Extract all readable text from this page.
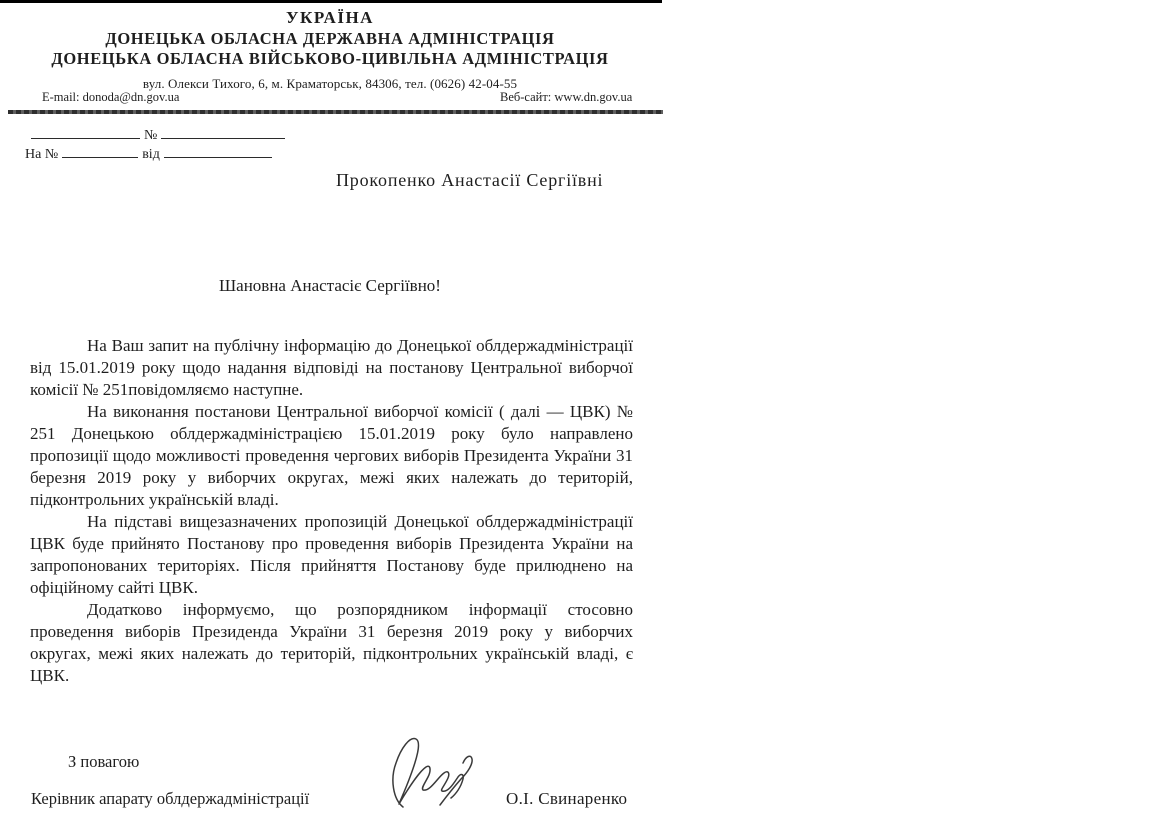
УКРАЇНА
ДОНЕЦЬКА ОБЛАСНА ДЕРЖАВНА АДМІНІСТРАЦІЯ
ДОНЕЦЬКА ОБЛАСНА ВІЙСЬКОВО-ЦИВІЛЬНА АДМІНІСТРАЦІЯ
вул. Олекси Тихого, 6, м. Краматорськ, 84306, тел. (0626) 42-04-55
E-mail: donoda@dn.gov.ua	Веб-сайт: www.dn.gov.ua
№
На №	від
Прокопенко Анастасії Сергіївні
Шановна Анастасіє Сергіївно!

На Ваш запит на публічну інформацію до Донецької облдержадміністрації від 15.01.2019 року щодо надання відповіді на постанову Центральної виборчої комісії № 251повідомляємо наступне.

На виконання постанови Центральної виборчої комісії ( далі — ЦВК) № 251 Донецькою облдержадміністрацією 15.01.2019 року було направлено пропозиції щодо можливості проведення чергових виборів Президента України 31 березня 2019 року у виборчих округах, межі яких належать до територій, підконтрольних українській владі.

На підставі вищезазначених пропозицій Донецької облдержадміністрації ЦВК буде прийнято Постанову про проведення виборів Президента України на запропонованих територіях. Після прийняття Постанову буде прилюднено на офіційному сайті ЦВК.

Додатково інформуємо, що розпорядником інформації стосовно проведення виборів Президенда України 31 березня 2019 року у виборчих округах, межі яких належать до територій, підконтрольних українській владі, є ЦВК.

З повагою
Керівник апарату облдержадміністрації	О.І. Свинаренко
